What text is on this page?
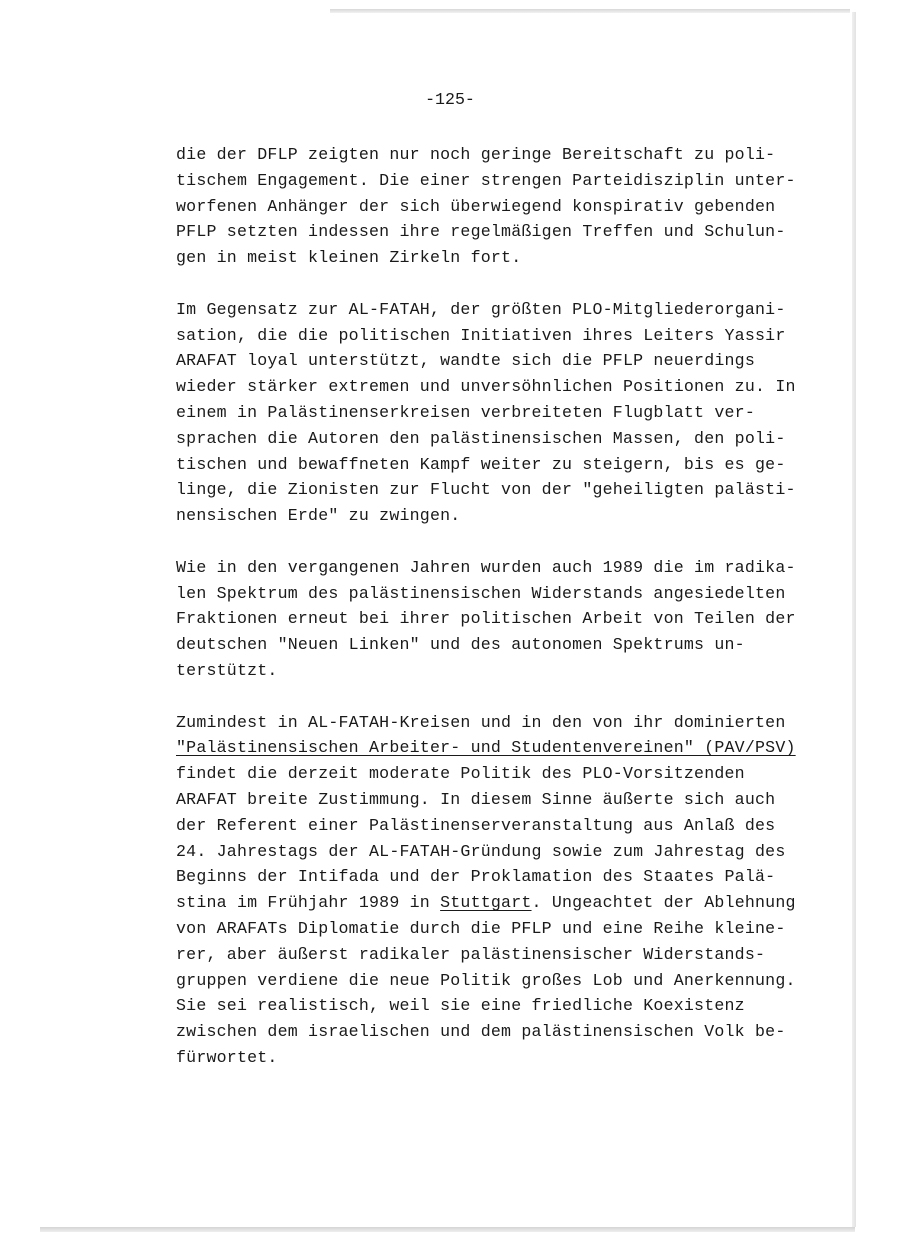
-125-
die der DFLP zeigten nur noch geringe Bereitschaft zu poli-
tischem Engagement. Die einer strengen Parteidisziplin unter-
worfenen Anhänger der sich überwiegend konspirativ gebenden
PFLP setzten indessen ihre regelmäßigen Treffen und Schulun-
gen in meist kleinen Zirkeln fort.
Im Gegensatz zur AL-FATAH, der größten PLO-Mitgliederorgani-
sation, die die politischen Initiativen ihres Leiters Yassir
ARAFAT loyal unterstützt, wandte sich die PFLP neuerdings
wieder stärker extremen und unversöhnlichen Positionen zu. In
einem in Palästinenserkreisen verbreiteten Flugblatt ver-
sprachen die Autoren den palästinensischen Massen, den poli-
tischen und bewaffneten Kampf weiter zu steigern, bis es ge-
linge, die Zionisten zur Flucht von der "geheiligten palästi-
nensischen Erde" zu zwingen.
Wie in den vergangenen Jahren wurden auch 1989 die im radika-
len Spektrum des palästinensischen Widerstands angesiedelten
Fraktionen erneut bei ihrer politischen Arbeit von Teilen der
deutschen "Neuen Linken" und des autonomen Spektrums un-
terstützt.
Zumindest in AL-FATAH-Kreisen und in den von ihr dominierten
"Palästinensischen Arbeiter- und Studentenvereinen" (PAV/PSV)
findet die derzeit moderate Politik des PLO-Vorsitzenden
ARAFAT breite Zustimmung. In diesem Sinne äußerte sich auch
der Referent einer Palästinenserveranstaltung aus Anlaß des
24. Jahrestags der AL-FATAH-Gründung sowie zum Jahrestag des
Beginns der Intifada und der Proklamation des Staates Palä-
stina im Frühjahr 1989 in Stuttgart. Ungeachtet der Ablehnung
von ARAFATs Diplomatie durch die PFLP und eine Reihe kleine-
rer, aber äußerst radikaler palästinensischer Widerstands-
gruppen verdiene die neue Politik großes Lob und Anerkennung.
Sie sei realistisch, weil sie eine friedliche Koexistenz
zwischen dem israelischen und dem palästinensischen Volk be-
fürwortet.
